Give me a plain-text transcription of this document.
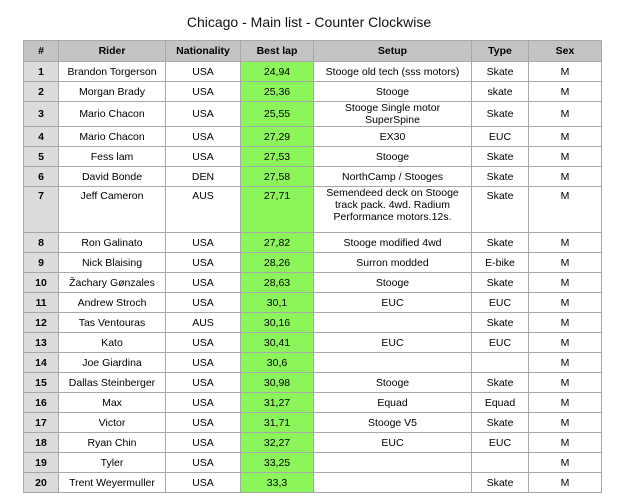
Chicago - Main list - Counter Clockwise
#	Rider	Nationality	Best lap	Setup	Type	Sex
1	Brandon Torgerson	USA	24,94	Stooge old tech (sss motors)	Skate	M
2	Morgan Brady	USA	25,36	Stooge	skate	M
3	Mario Chacon	USA	25,55	Stooge Single motor SuperSpine	Skate	M
4	Mario Chacon	USA	27,29	EX30	EUC	M
5	Fess lam	USA	27,53	Stooge	Skate	M
6	David Bonde	DEN	27,58	NorthCamp / Stooges	Skate	M
7	Jeff Cameron	AUS	27,71	Semendeed deck on Stooge track pack. 4wd. Radium Performance motors.12s.	Skate	M
8	Ron Galinato	USA	27,82	Stooge modified 4wd	Skate	M
9	Nick Blaising	USA	28,26	Surron modded	E-bike	M
10	Žachary Gønzales	USA	28,63	Stooge	Skate	M
11	Andrew Stroch	USA	30,1	EUC	EUC	M
12	Tas Ventouras	AUS	30,16		Skate	M
13	Kato	USA	30,41	EUC	EUC	M
14	Joe Giardina	USA	30,6			M
15	Dallas Steinberger	USA	30,98	Stooge	Skate	M
16	Max	USA	31,27	Equad	Equad	M
17	Victor	USA	31,71	Stooge V5	Skate	M
18	Ryan Chin	USA	32,27	EUC	EUC	M
19	Tyler	USA	33,25			M
20	Trent Weyermuller	USA	33,3		Skate	M
